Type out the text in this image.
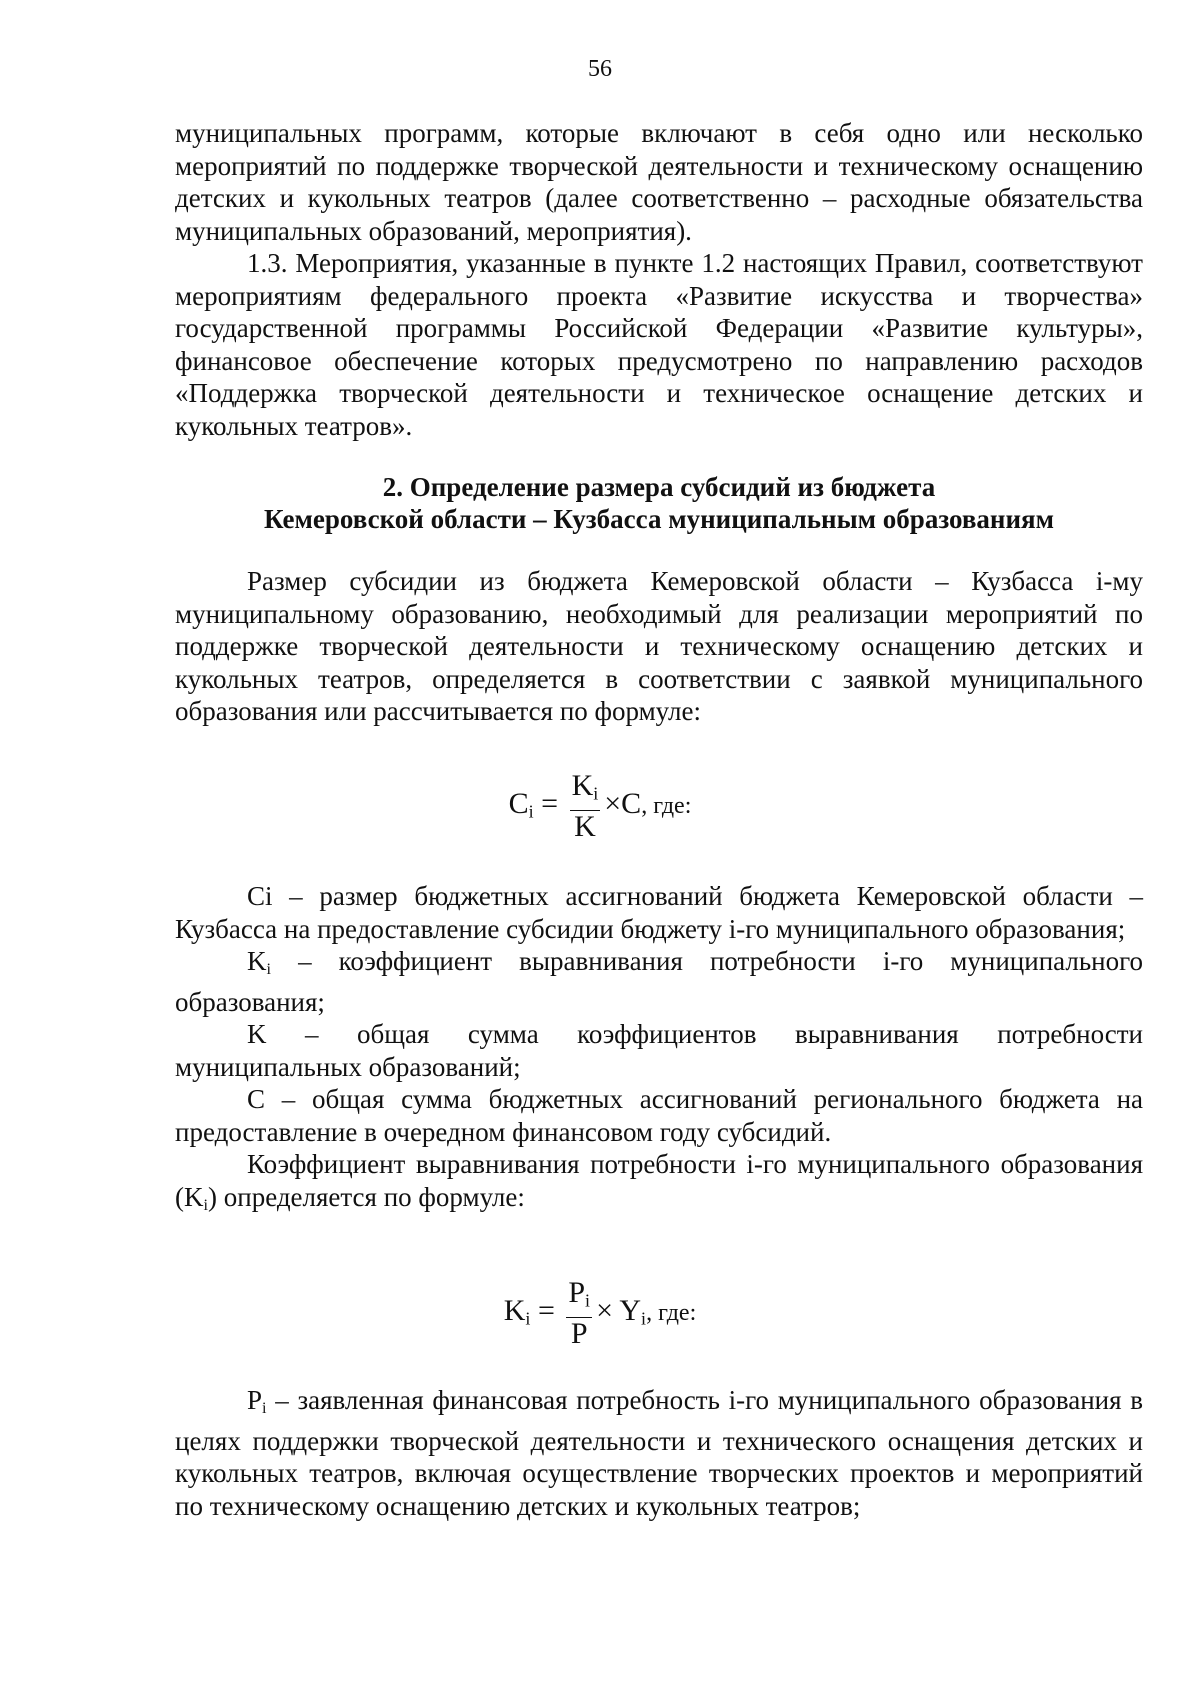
56

муниципальных программ, которые включают в себя одно или несколько мероприятий по поддержке творческой деятельности и техническому оснащению детских и кукольных театров (далее соответственно – расходные обязательства муниципальных образований, мероприятия).

1.3. Мероприятия, указанные в пункте 1.2 настоящих Правил, соответствуют мероприятиям федерального проекта «Развитие искусства и творчества» государственной программы Российской Федерации «Развитие культуры», финансовое обеспечение которых предусмотрено по направлению расходов «Поддержка творческой деятельности и техническое оснащение детских и кукольных театров».

2. Определение размера субсидий из бюджета
Кемеровской области – Кузбасса муниципальным образованиям

Размер субсидии из бюджета Кемеровской области – Кузбасса i-му муниципальному образованию, необходимый для реализации мероприятий по поддержке творческой деятельности и техническому оснащению детских и кукольных театров, определяется в соответствии с заявкой муниципального образования или рассчитывается по формуле:

$C_i = \frac{K_i}{K} \times C$, где:

Ci – размер бюджетных ассигнований бюджета Кемеровской области – Кузбасса на предоставление субсидии бюджету i-го муниципального образования;

$K_i$ – коэффициент выравнивания потребности i-го муниципального образования;

K – общая сумма коэффициентов выравнивания потребности муниципальных образований;

C – общая сумма бюджетных ассигнований регионального бюджета на предоставление в очередном финансовом году субсидий.

Коэффициент выравнивания потребности i-го муниципального образования $(K_i)$ определяется по формуле:

$K_i = \frac{P_i}{P} \times Y_i$, где:

$P_i$ – заявленная финансовая потребность i-го муниципального образования в целях поддержки творческой деятельности и технического оснащения детских и кукольных театров, включая осуществление творческих проектов и мероприятий по техническому оснащению детских и кукольных театров;
